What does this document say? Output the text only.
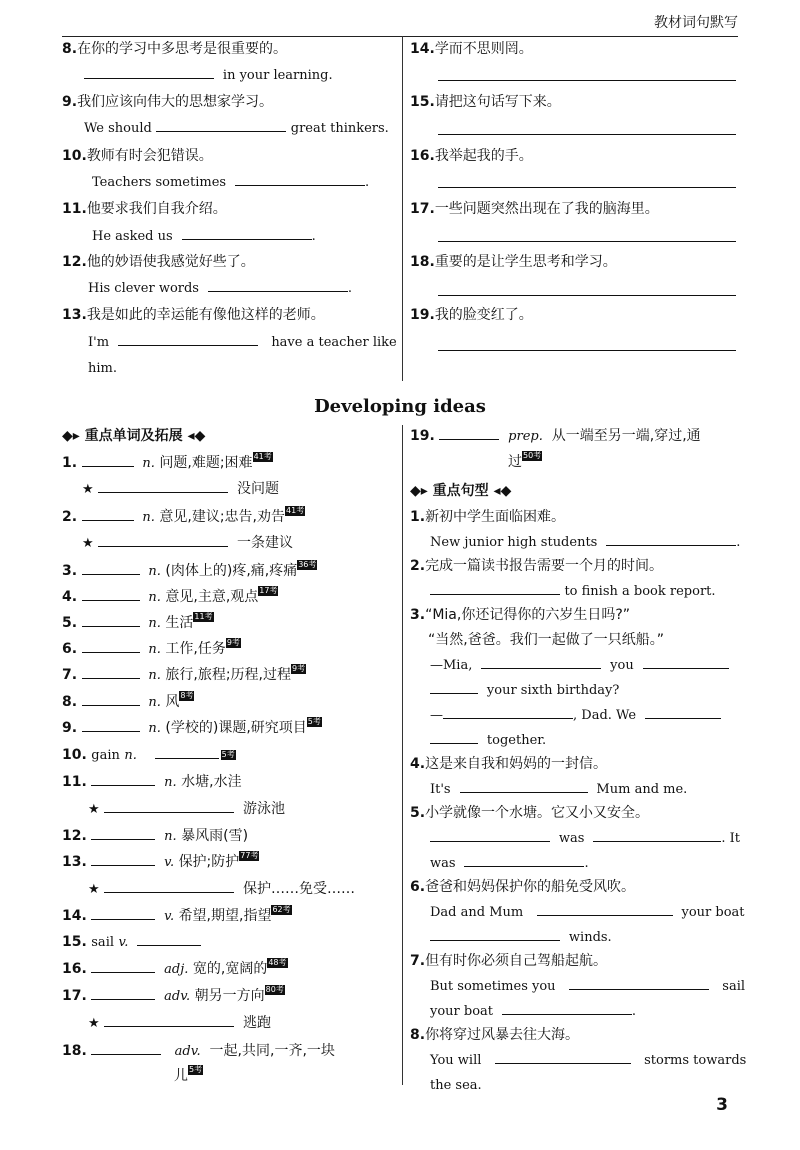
教材词句默写
8.在你的学习中多思考是很重要的。
in your learning.
9.我们应该向伟大的思想家学习。
We should	great thinkers.
10.教师有时会犯错误。
Teachers sometimes	.
11.他要求我们自我介绍。
He asked us	.
12.他的妙语使我感觉好些了。
His clever words	.
13.我是如此的幸运能有像他这样的老师。
I'm	have a teacher like
him.
14.学而不思则罔。
15.请把这句话写下来。
16.我举起我的手。
17.一些问题突然出现在了我的脑海里。
18.重要的是让学生思考和学习。
19.我的脸变红了。
Developing ideas
◆▸ 重点单词及拓展 ◂◆
1.	n. 问题,难题;困难41考
★	没问题
2.	n. 意见,建议;忠告,劝告41考
★	一条建议
3.	n. (肉体上的)疼,痛,疼痛36考
4.	n. 意见,主意,观点17考
5.	n. 生活11考
6.	n. 工作,任务9考
7.	n. 旅行,旅程;历程,过程9考
8.	n. 风8考
9.	n. (学校的)课题,研究项目5考
10. gain n.	5考
11.	n. 水塘,水洼
★	游泳池
12.	n. 暴风雨(雪)
13.	v. 保护;防护77考
★	保护……免受……
14.	v. 希望,期望,指望62考
15. sail v.
16.	adj. 宽的,宽阔的48考
17.	adv. 朝另一方向80考
★	逃跑
18.	adv. 一起,共同,一齐,一块
儿5考
19.	prep. 从一端至另一端,穿过,通
过50考
◆▸ 重点句型 ◂◆
1.新初中学生面临困难。
New junior high students	.
2.完成一篇读书报告需要一个月的时间。
to finish a book report.
3.“Mia,你还记得你的六岁生日吗?”
“当然,爸爸。我们一起做了一只纸船。”
—Mia,	you
your sixth birthday?
—	, Dad. We
together.
4.这是来自我和妈妈的一封信。
It's	Mum and me.
5.小学就像一个水塘。它又小又安全。
was	. It
was	.
6.爸爸和妈妈保护你的船免受风吹。
Dad and Mum	your boat
winds.
7.但有时你必须自己驾船起航。
But sometimes you	sail
your boat	.
8.你将穿过风暴去往大海。
You will	storms towards
the sea.
3
